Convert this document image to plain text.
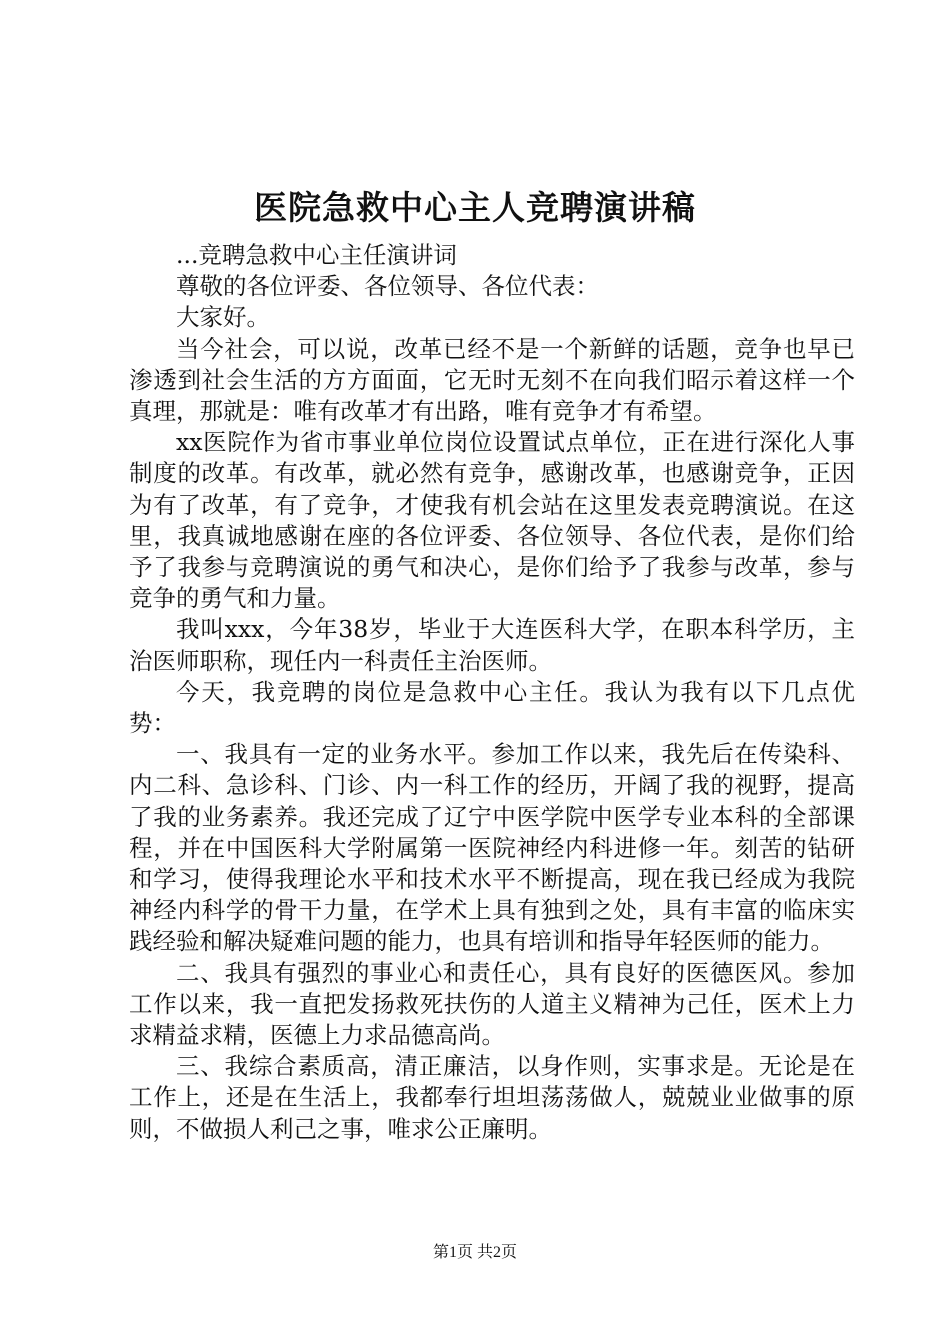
医院急救中心主人竞聘演讲稿

...竞聘急救中心主任演讲词

尊敬的各位评委、各位领导、各位代表：

大家好。

当今社会，可以说，改革已经不是一个新鲜的话题，竞争也早已渗透到社会生活的方方面面，它无时无刻不在向我们昭示着这样一个真理，那就是：唯有改革才有出路，唯有竞争才有希望。

xx医院作为省市事业单位岗位设置试点单位，正在进行深化人事制度的改革。有改革，就必然有竞争，感谢改革，也感谢竞争，正因为有了改革，有了竞争，才使我有机会站在这里发表竞聘演说。在这里，我真诚地感谢在座的各位评委、各位领导、各位代表，是你们给予了我参与竞聘演说的勇气和决心，是你们给予了我参与改革，参与竞争的勇气和力量。

我叫xxx，今年38岁，毕业于大连医科大学，在职本科学历，主治医师职称，现任内一科责任主治医师。

今天，我竞聘的岗位是急救中心主任。我认为我有以下几点优势：

一、我具有一定的业务水平。参加工作以来，我先后在传染科、内二科、急诊科、门诊、内一科工作的经历，开阔了我的视野，提高了我的业务素养。我还完成了辽宁中医学院中医学专业本科的全部课程，并在中国医科大学附属第一医院神经内科进修一年。刻苦的钻研和学习，使得我理论水平和技术水平不断提高，现在我已经成为我院神经内科学的骨干力量，在学术上具有独到之处，具有丰富的临床实践经验和解决疑难问题的能力，也具有培训和指导年轻医师的能力。

二、我具有强烈的事业心和责任心，具有良好的医德医风。参加工作以来，我一直把发扬救死扶伤的人道主义精神为己任，医术上力求精益求精，医德上力求品德高尚。

三、我综合素质高，清正廉洁，以身作则，实事求是。无论是在工作上，还是在生活上，我都奉行坦坦荡荡做人，兢兢业业做事的原则，不做损人利己之事，唯求公正廉明。

第1页 共2页
